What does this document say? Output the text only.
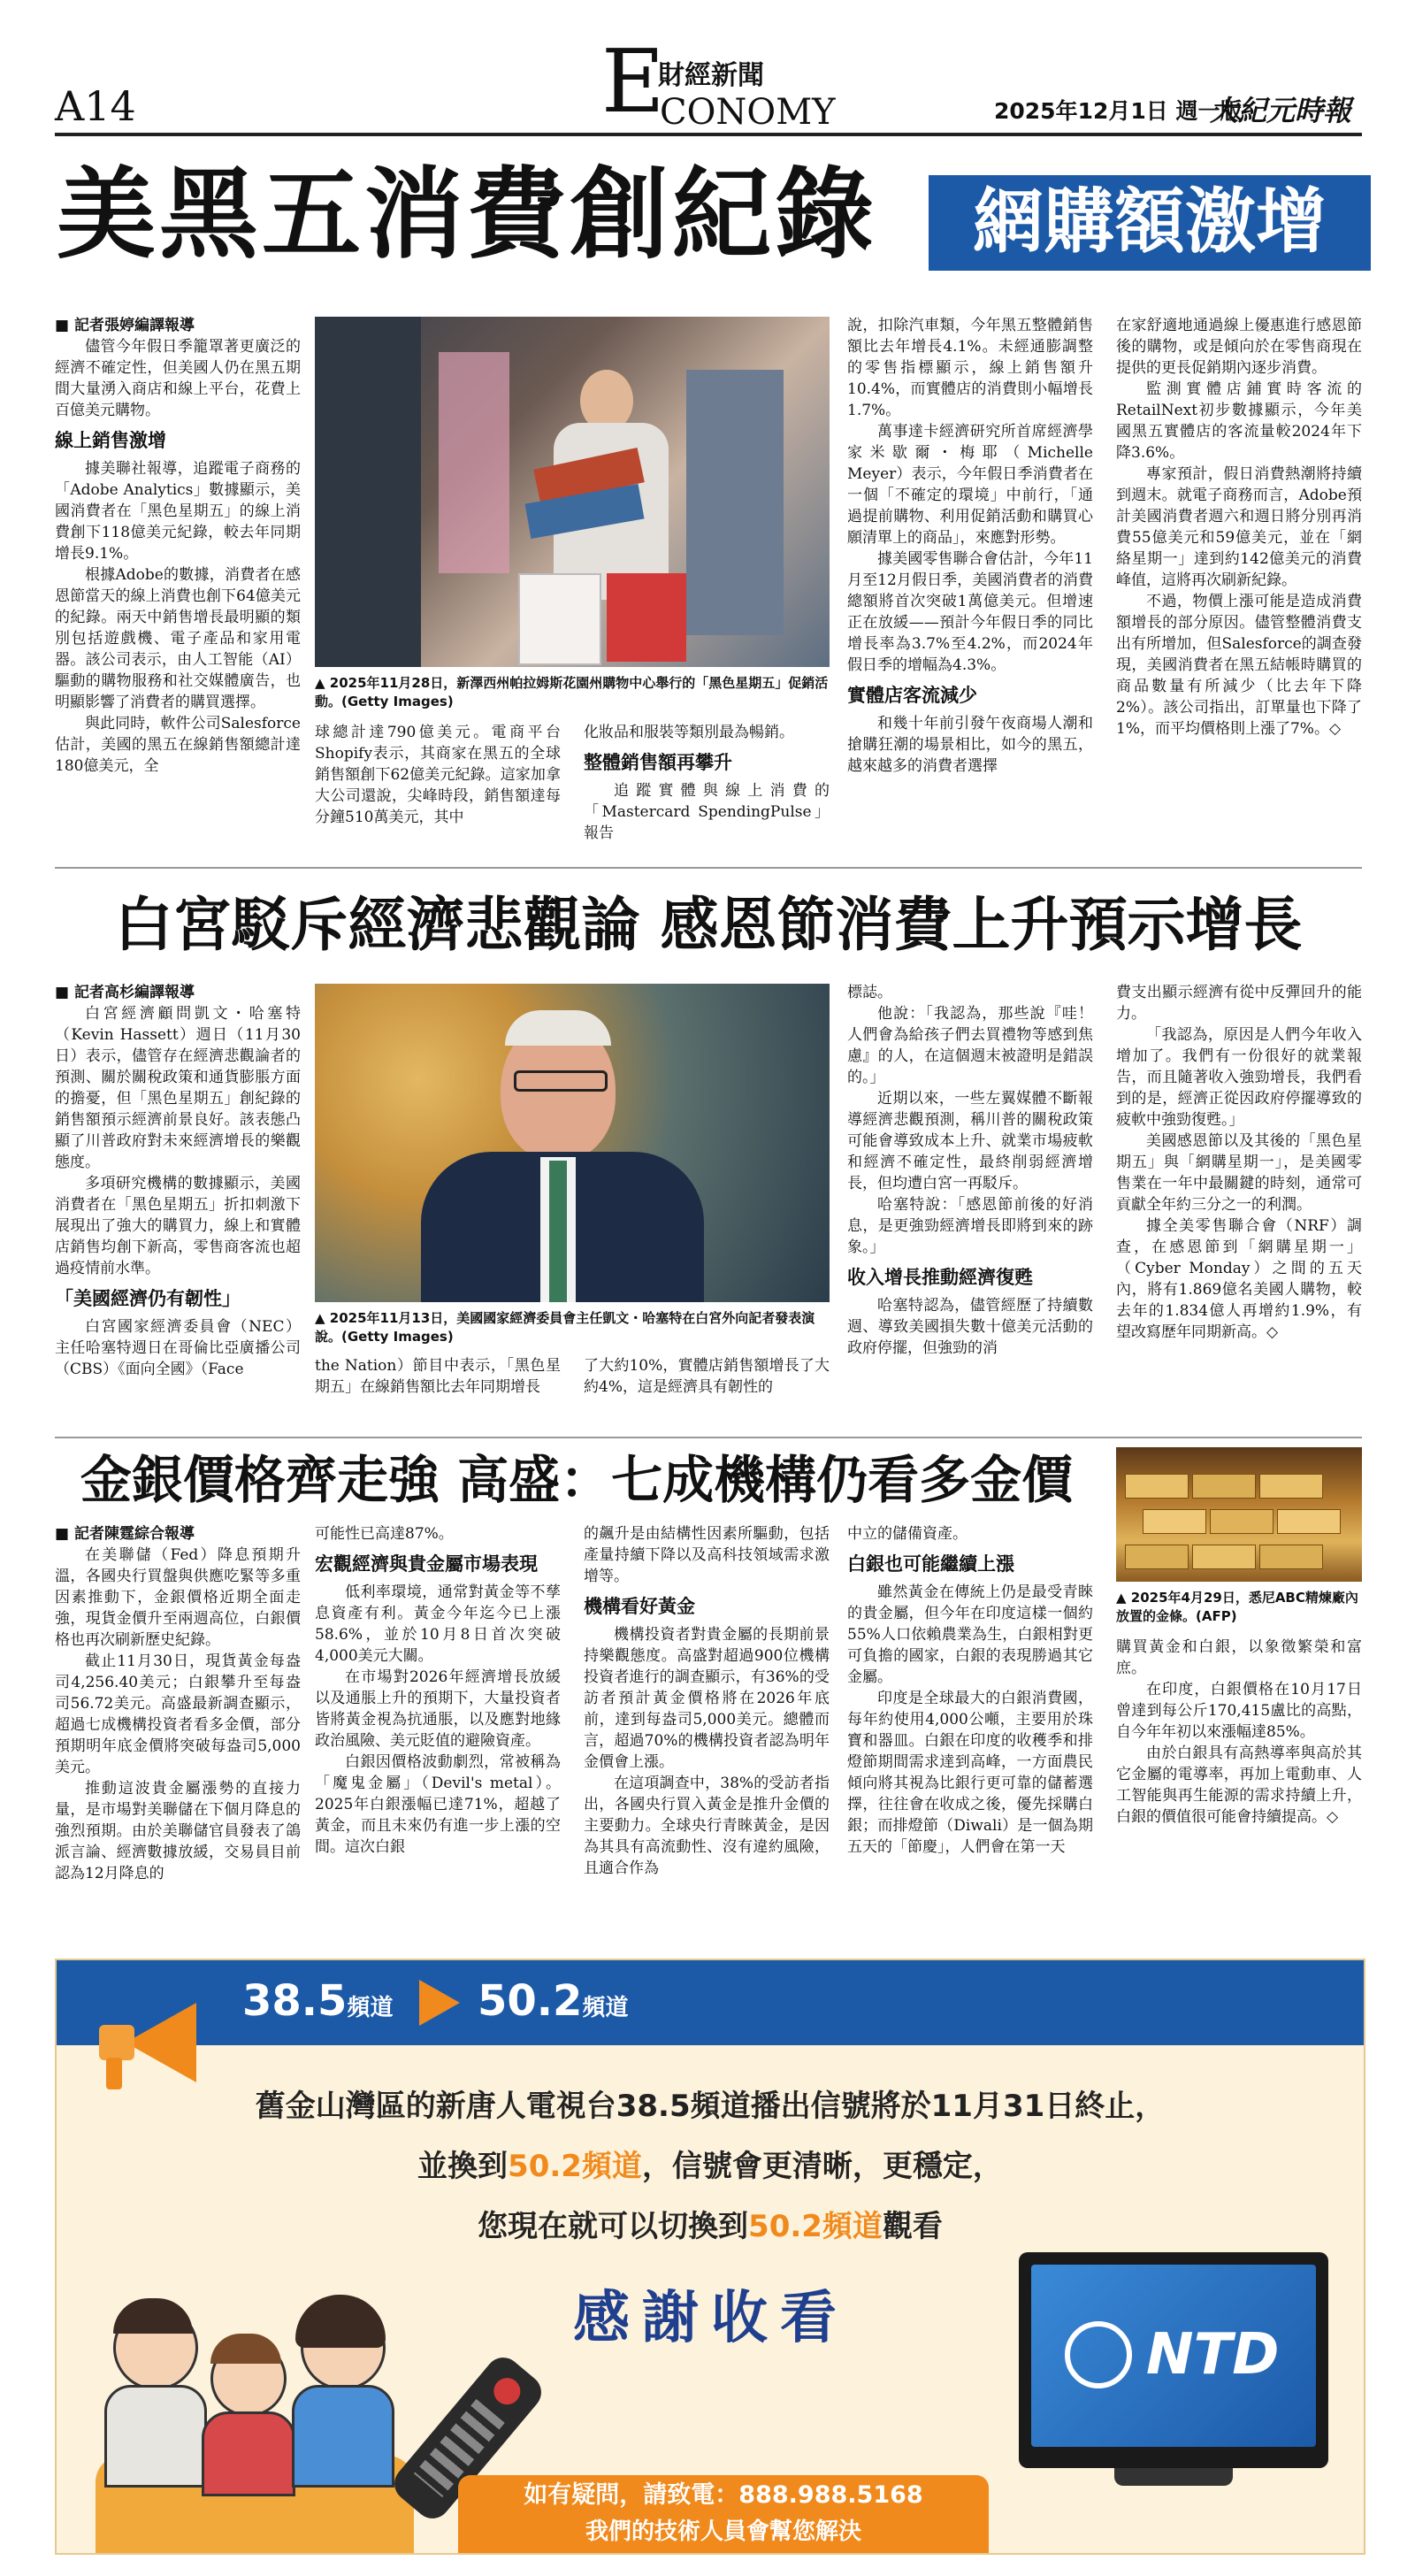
A14	E
財經新聞
CONOMY	2025年12月1日 週一版
大紀元時報
美黑五消費創紀錄	網購額激增

■ 記者張婷編譯報導

儘管今年假日季籠罩著更廣泛的經濟不確定性，但美國人仍在黑五期間大量湧入商店和線上平台，花費上百億美元購物。

線上銷售激增

據美聯社報導，追蹤電子商務的「Adobe Analytics」數據顯示，美國消費者在「黑色星期五」的線上消費創下118億美元紀錄，較去年同期增長9.1%。

根據Adobe的數據，消費者在感恩節當天的線上消費也創下64億美元的紀錄。兩天中銷售增長最明顯的類別包括遊戲機、電子產品和家用電器。該公司表示，由人工智能（AI）驅動的購物服務和社交媒體廣告，也明顯影響了消費者的購買選擇。

與此同時，軟件公司Salesforce估計，美國的黑五在線銷售額總計達180億美元，全

▲ 2025年11月28日，新澤西州帕拉姆斯花園州購物中心舉行的「黑色星期五」促銷活動。(Getty Images)

球總計達790億美元。電商平台Shopify表示，其商家在黑五的全球銷售額創下62億美元紀錄。這家加拿大公司還說，尖峰時段，銷售額達每分鐘510萬美元，其中

化妝品和服裝等類別最為暢銷。

整體銷售額再攀升

追蹤實體與線上消費的「Mastercard SpendingPulse」報告

說，扣除汽車類，今年黑五整體銷售額比去年增長4.1%。未經通膨調整的零售指標顯示，線上銷售額升10.4%，而實體店的消費則小幅增長1.7%。

萬事達卡經濟研究所首席經濟學家米歇爾・梅耶（Michelle Meyer）表示，今年假日季消費者在一個「不確定的環境」中前行，「通過提前購物、利用促銷活動和購買心願清單上的商品」，來應對形勢。

據美國零售聯合會估計，今年11月至12月假日季，美國消費者的消費總額將首次突破1萬億美元。但增速正在放緩——預計今年假日季的同比增長率為3.7%至4.2%，而2024年假日季的增幅為4.3%。

實體店客流減少

和幾十年前引發午夜商場人潮和搶購狂潮的場景相比，如今的黑五，越來越多的消費者選擇

在家舒適地通過線上優惠進行感恩節後的購物，或是傾向於在零售商現在提供的更長促銷期內逐步消費。

監測實體店鋪實時客流的RetailNext初步數據顯示，今年美國黑五實體店的客流量較2024年下降3.6%。

專家預計，假日消費熱潮將持續到週末。就電子商務而言，Adobe預計美國消費者週六和週日將分別再消費55億美元和59億美元，並在「網絡星期一」達到約142億美元的消費峰值，這將再次刷新紀錄。

不過，物價上漲可能是造成消費額增長的部分原因。儘管整體消費支出有所增加，但Salesforce的調查發現，美國消費者在黑五結帳時購買的商品數量有所減少（比去年下降2%）。該公司指出，訂單量也下降了1%，而平均價格則上漲了7%。◇

白宮駁斥經濟悲觀論 感恩節消費上升預示增長

■ 記者高杉編譯報導

白宮經濟顧問凱文・哈塞特（Kevin Hassett）週日（11月30日）表示，儘管存在經濟悲觀論者的預測、關於關稅政策和通貨膨脹方面的擔憂，但「黑色星期五」創紀錄的銷售額預示經濟前景良好。該表態凸顯了川普政府對未來經濟增長的樂觀態度。

多項研究機構的數據顯示，美國消費者在「黑色星期五」折扣刺激下展現出了強大的購買力，線上和實體店銷售均創下新高，零售商客流也超過疫情前水準。

「美國經濟仍有韌性」

白宮國家經濟委員會（NEC）主任哈塞特週日在哥倫比亞廣播公司（CBS）《面向全國》（Face

▲ 2025年11月13日，美國國家經濟委員會主任凱文・哈塞特在白宮外向記者發表演說。(Getty Images)

the Nation）節目中表示，「黑色星期五」在線銷售額比去年同期增長

了大約10%，實體店銷售額增長了大約4%，這是經濟具有韌性的

標誌。

他說：「我認為，那些說『哇！人們會為給孩子們去買禮物等感到焦慮』的人，在這個週末被證明是錯誤的。」

近期以來，一些左翼媒體不斷報導經濟悲觀預測，稱川普的關稅政策可能會導致成本上升、就業市場疲軟和經濟不確定性，最終削弱經濟增長，但均遭白宮一再駁斥。

哈塞特說：「感恩節前後的好消息，是更強勁經濟增長即將到來的跡象。」

收入增長推動經濟復甦

哈塞特認為，儘管經歷了持續數週、導致美國損失數十億美元活動的政府停擺，但強勁的消

費支出顯示經濟有從中反彈回升的能力。

「我認為，原因是人們今年收入增加了。我們有一份很好的就業報告，而且隨著收入強勁增長，我們看到的是，經濟正從因政府停擺導致的疲軟中強勁復甦。」

美國感恩節以及其後的「黑色星期五」與「網購星期一」，是美國零售業在一年中最關鍵的時刻，通常可貢獻全年約三分之一的利潤。

據全美零售聯合會（NRF）調查，在感恩節到「網購星期一」（Cyber Monday）之間的五天內，將有1.869億名美國人購物，較去年的1.834億人再增約1.9%，有望改寫歷年同期新高。◇

金銀價格齊走強 高盛：七成機構仍看多金價

■ 記者陳霆綜合報導

在美聯儲（Fed）降息預期升溫，各國央行買盤與供應吃緊等多重因素推動下，金銀價格近期全面走強，現貨金價升至兩週高位，白銀價格也再次刷新歷史紀錄。

截止11月30日，現貨黃金每盎司4,256.40美元；白銀攀升至每盎司56.72美元。高盛最新調查顯示，超過七成機構投資者看多金價，部分預期明年底金價將突破每盎司5,000美元。

推動這波貴金屬漲勢的直接力量，是市場對美聯儲在下個月降息的強烈預期。由於美聯儲官員發表了鴿派言論、經濟數據放緩，交易員目前認為12月降息的

可能性已高達87%。

宏觀經濟與貴金屬市場表現

低利率環境，通常對黃金等不孳息資產有利。黃金今年迄今已上漲58.6%，並於10月8日首次突破4,000美元大關。

在市場對2026年經濟增長放緩以及通脹上升的預期下，大量投資者皆將黃金視為抗通脹，以及應對地緣政治風險、美元貶值的避險資產。

白銀因價格波動劇烈，常被稱為「魔鬼金屬」（Devil's metal）。2025年白銀漲幅已達71%，超越了黃金，而且未來仍有進一步上漲的空間。這次白銀

的飆升是由結構性因素所驅動，包括產量持續下降以及高科技領域需求激增等。

機構看好黃金

機構投資者對貴金屬的長期前景持樂觀態度。高盛對超過900位機構投資者進行的調查顯示，有36%的受訪者預計黃金價格將在2026年底前，達到每盎司5,000美元。總體而言，超過70%的機構投資者認為明年金價會上漲。

在這項調查中，38%的受訪者指出，各國央行買入黃金是推升金價的主要動力。全球央行青睞黃金，是因為其具有高流動性、沒有違約風險，且適合作為

中立的儲備資產。

白銀也可能繼續上漲

雖然黃金在傳統上仍是最受青睞的貴金屬，但今年在印度這樣一個約55%人口依賴農業為生，白銀相對更可負擔的國家，白銀的表現勝過其它金屬。

印度是全球最大的白銀消費國，每年約使用4,000公噸，主要用於珠寶和器皿。白銀在印度的收穫季和排燈節期間需求達到高峰，一方面農民傾向將其視為比銀行更可靠的儲蓄選擇，往往會在收成之後，優先採購白銀；而排燈節（Diwali）是一個為期五天的「節慶」，人們會在第一天

▲ 2025年4月29日，悉尼ABC精煉廠內放置的金條。(AFP)

購買黃金和白銀，以象徵繁榮和富庶。

在印度，白銀價格在10月17日曾達到每公斤170,415盧比的高點，自今年年初以來漲幅達85%。

由於白銀具有高熱導率與高於其它金屬的電導率，再加上電動車、人工智能與再生能源的需求持續上升，白銀的價值很可能會持續提高。◇

38.5頻道 50.2頻道
舊金山灣區的新唐人電視台38.5頻道播出信號將於11月31日終止，
並換到50.2頻道，信號會更清晰，更穩定，
您現在就可以切換到50.2頻道觀看
感謝收看
NTD
如有疑問，請致電：888.988.5168
我們的技術人員會幫您解決
